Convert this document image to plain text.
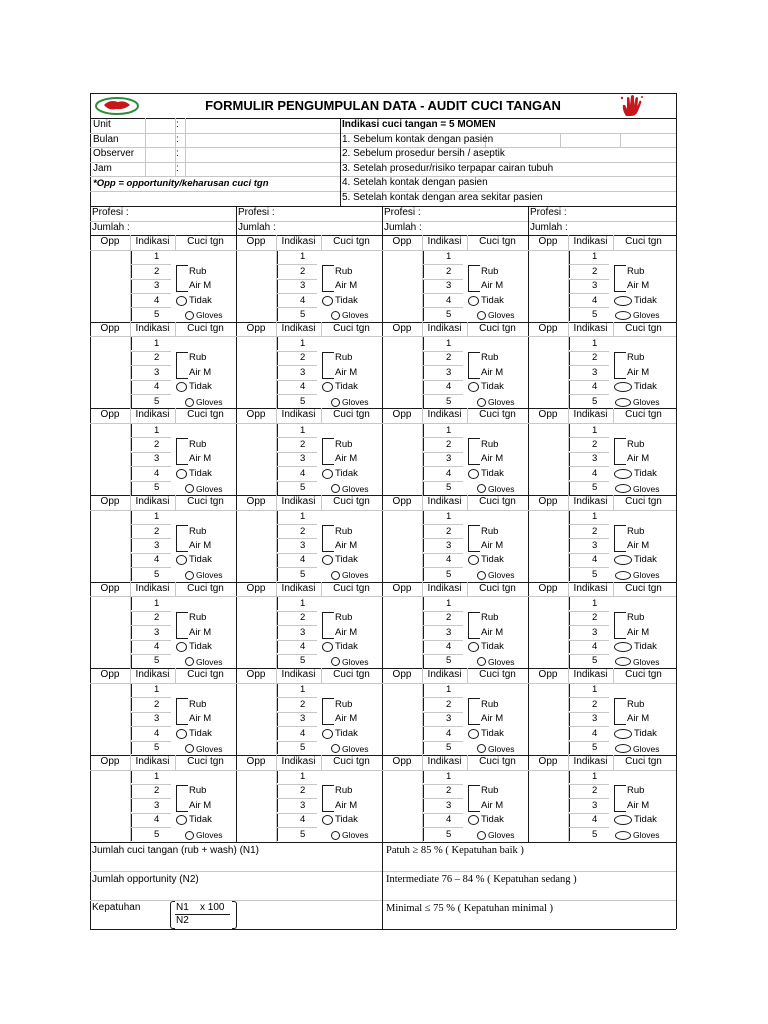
FORMULIR PENGUMPULAN DATA - AUDIT CUCI TANGAN
Unit	:
Bulan	:
Observer	:
Jam	:
*Opp = opportunity/keharusan cuci tgn
Indikasi cuci tangan = 5 MOMEN
1. Sebelum kontak dengan pasien
2. Sebelum prosedur bersih / aseptik
3. Setelah prosedur/risiko terpapar cairan tubuh
4. Setelah kontak dengan pasien
5. Setelah kontak dengan area sekitar pasien
Profesi :
Jumlah :
Profesi :
Jumlah :
Profesi :
Jumlah :
Profesi :
Jumlah :
Opp	Indikasi	Cuci tgn
1
2	Rub
3	Air M
4	Tidak
5	Gloves
Opp	Indikasi	Cuci tgn
1
2	Rub
3	Air M
4	Tidak
5	Gloves
Opp	Indikasi	Cuci tgn
1
2	Rub
3	Air M
4	Tidak
5	Gloves
Opp	Indikasi	Cuci tgn
1
2	Rub
3	Air M
4	Tidak
5	Gloves
Opp	Indikasi	Cuci tgn
1
2	Rub
3	Air M
4	Tidak
5	Gloves
Opp	Indikasi	Cuci tgn
1
2	Rub
3	Air M
4	Tidak
5	Gloves
Opp	Indikasi	Cuci tgn
1
2	Rub
3	Air M
4	Tidak
5	Gloves
Opp	Indikasi	Cuci tgn
1
2	Rub
3	Air M
4	Tidak
5	Gloves
Opp	Indikasi	Cuci tgn
1
2	Rub
3	Air M
4	Tidak
5	Gloves
Opp	Indikasi	Cuci tgn
1
2	Rub
3	Air M
4	Tidak
5	Gloves
Opp	Indikasi	Cuci tgn
1
2	Rub
3	Air M
4	Tidak
5	Gloves
Opp	Indikasi	Cuci tgn
1
2	Rub
3	Air M
4	Tidak
5	Gloves
Opp	Indikasi	Cuci tgn
1
2	Rub
3	Air M
4	Tidak
5	Gloves
Opp	Indikasi	Cuci tgn
1
2	Rub
3	Air M
4	Tidak
5	Gloves
Opp	Indikasi	Cuci tgn
1
2	Rub
3	Air M
4	Tidak
5	Gloves
Opp	Indikasi	Cuci tgn
1
2	Rub
3	Air M
4	Tidak
5	Gloves
Opp	Indikasi	Cuci tgn
1
2	Rub
3	Air M
4	Tidak
5	Gloves
Opp	Indikasi	Cuci tgn
1
2	Rub
3	Air M
4	Tidak
5	Gloves
Opp	Indikasi	Cuci tgn
1
2	Rub
3	Air M
4	Tidak
5	Gloves
Opp	Indikasi	Cuci tgn
1
2	Rub
3	Air M
4	Tidak
5	Gloves
Opp	Indikasi	Cuci tgn
1
2	Rub
3	Air M
4	Tidak
5	Gloves
Opp	Indikasi	Cuci tgn
1
2	Rub
3	Air M
4	Tidak
5	Gloves
Opp	Indikasi	Cuci tgn
1
2	Rub
3	Air M
4	Tidak
5	Gloves
Opp	Indikasi	Cuci tgn
1
2	Rub
3	Air M
4	Tidak
5	Gloves
Opp	Indikasi	Cuci tgn
1
2	Rub
3	Air M
4	Tidak
5	Gloves
Opp	Indikasi	Cuci tgn
1
2	Rub
3	Air M
4	Tidak
5	Gloves
Opp	Indikasi	Cuci tgn
1
2	Rub
3	Air M
4	Tidak
5	Gloves
Opp	Indikasi	Cuci tgn
1
2	Rub
3	Air M
4	Tidak
5	Gloves
Jumlah cuci tangan (rub + wash) (N1)
Jumlah opportunity (N2)
Kepatuhan	N1
N2
x 100
Patuh ≥ 85 % ( Kepatuhan baik )
Intermediate 76 – 84 % ( Kepatuhan sedang )
Minimal ≤ 75 % ( Kepatuhan minimal )
